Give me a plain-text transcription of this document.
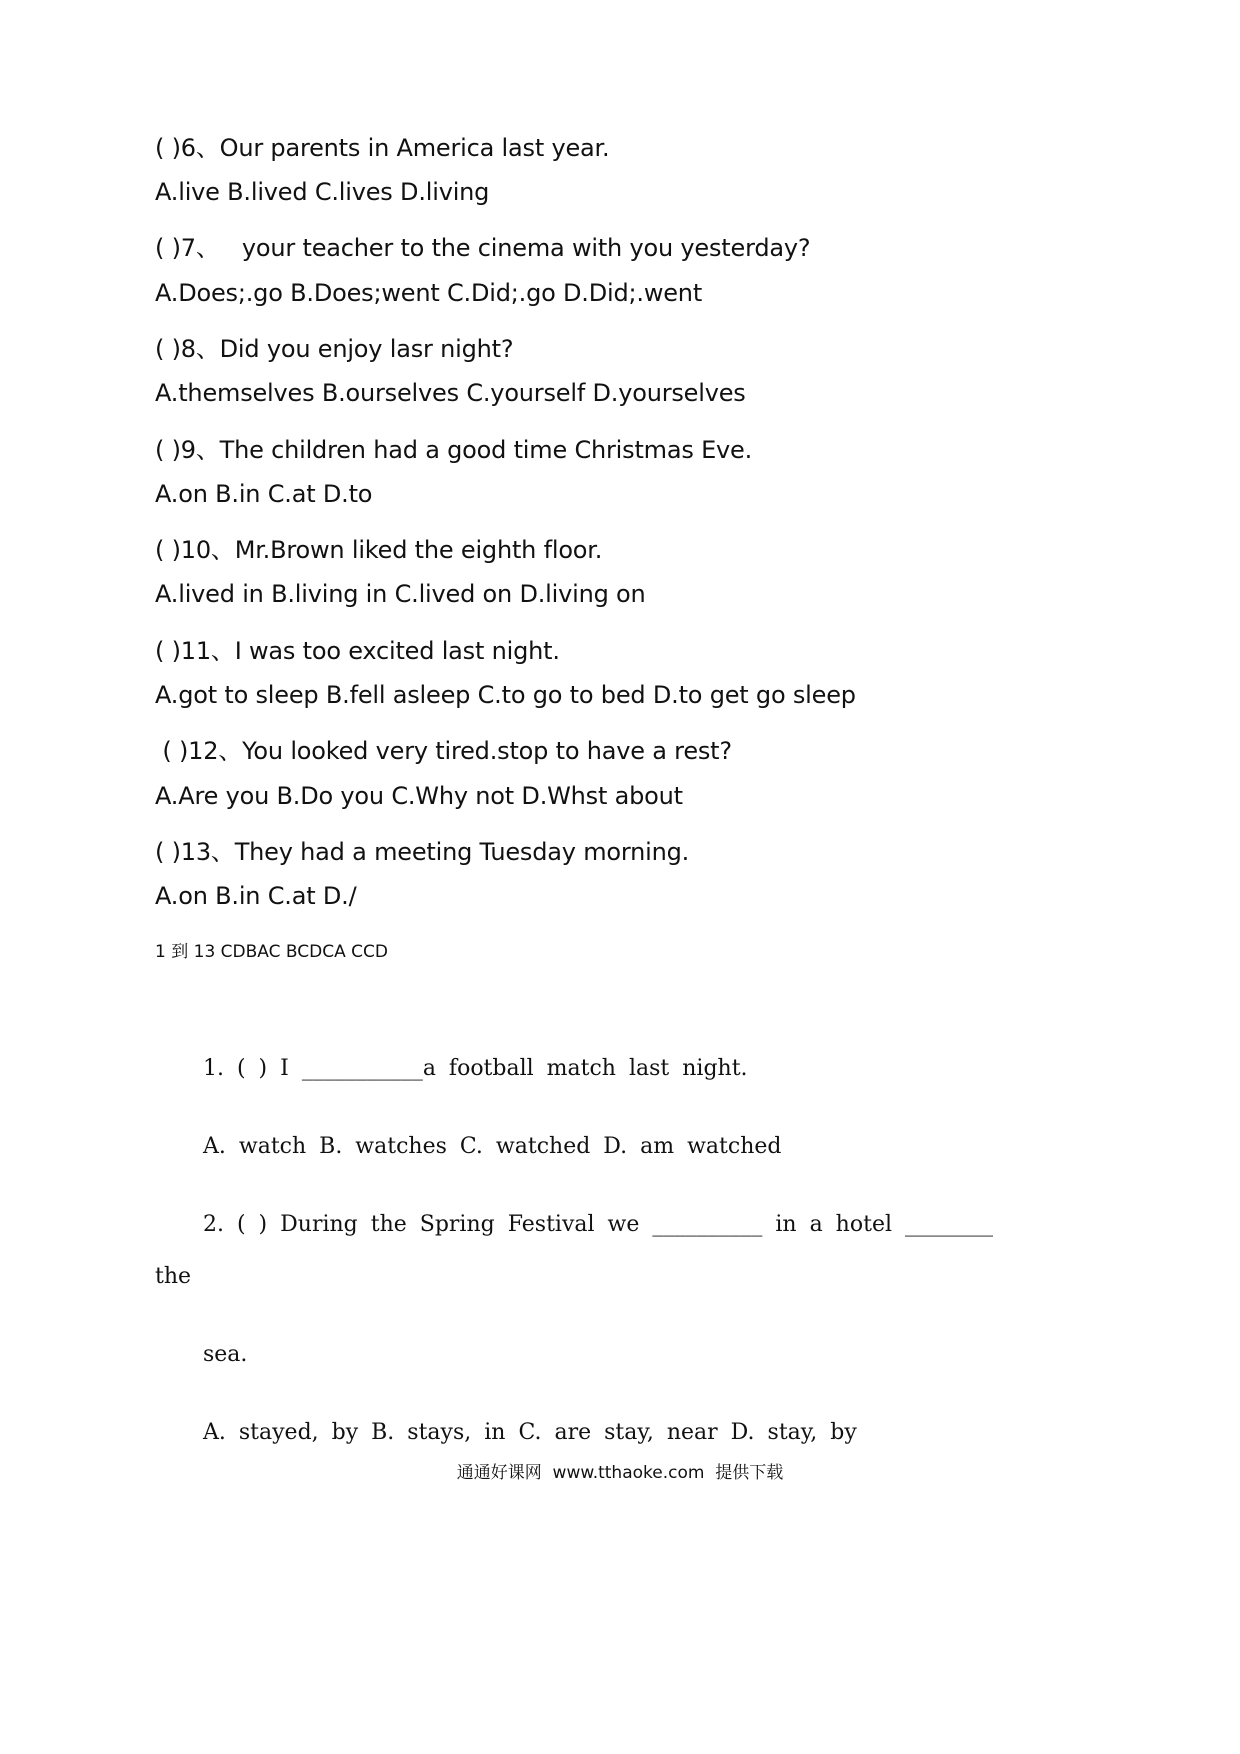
( )6、Our parents in America last year.
A.live B.lived C.lives D.living
( )7、   your teacher to the cinema with you yesterday?
A.Does;.go B.Does;went C.Did;.go D.Did;.went
( )8、Did you enjoy lasr night?
A.themselves B.ourselves C.yourself D.yourselves
( )9、The children had a good time Christmas Eve.
A.on B.in C.at D.to
( )10、Mr.Brown liked the eighth floor.
A.lived in B.living in C.lived on D.living on
( )11、I was too excited last night.
A.got to sleep B.fell asleep C.to go to bed D.to get go sleep
( )12、You looked very tired.stop to have a rest?
A.Are you B.Do you C.Why not D.Whst about
( )13、They had a meeting Tuesday morning.
A.on B.in C.at D./
1 到 13 CDBAC BCDCA CCD
1. ( ) I ___________a football match last night.
A. watch B. watches C. watched D. am watched
2. ( ) During the Spring Festival we __________ in a hotel ________
the
sea.
A. stayed, by B. stays, in C. are stay, near D. stay, by
通通好课网  www.tthaoke.com  提供下载
